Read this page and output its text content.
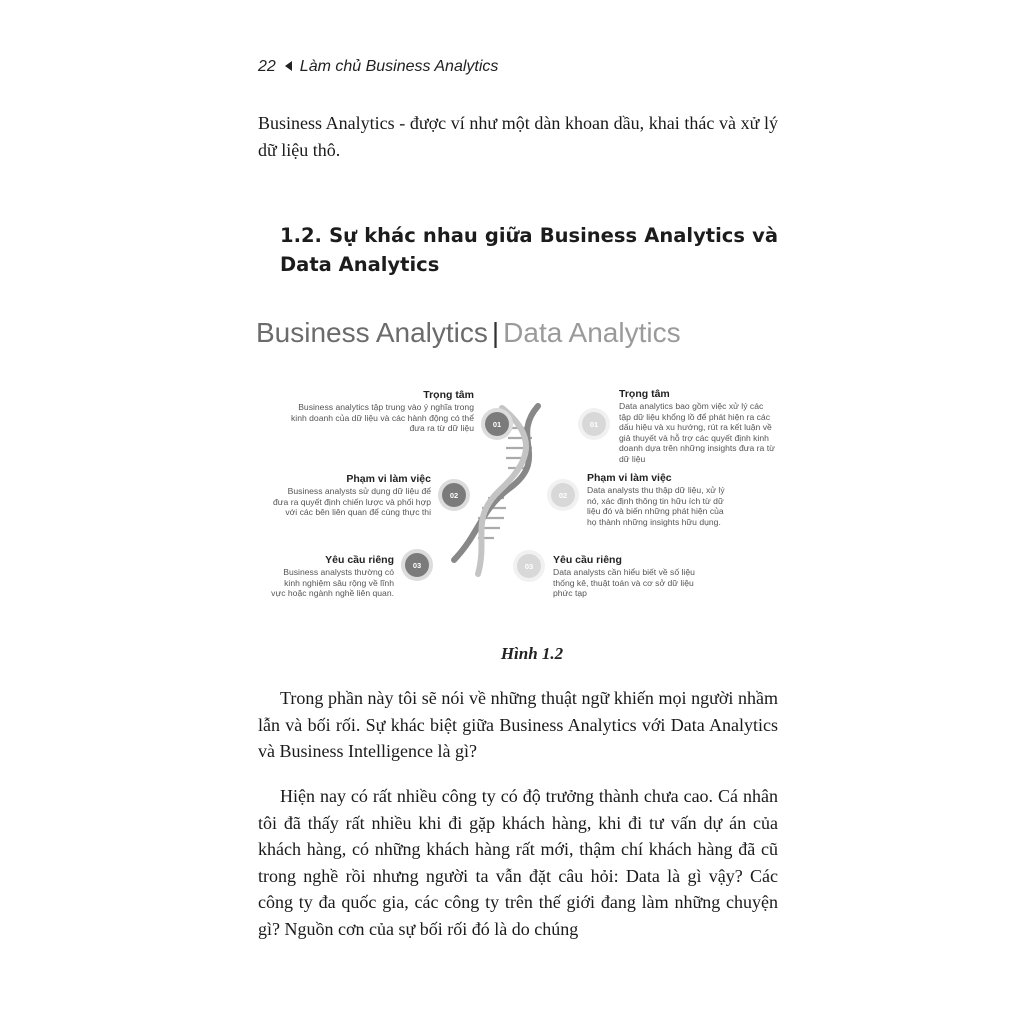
22 Làm chủ Business Analytics

Business Analytics - được ví như một dàn khoan dầu, khai thác và xử lý dữ liệu thô.

1.2. Sự khác nhau giữa Business Analytics và Data Analytics
Business Analytics | Data Analytics
01
Trọng tâm
Business analytics tập trung vào ý nghĩa trong kinh doanh của dữ liệu và các hành động có thể đưa ra từ dữ liệu
02
Phạm vi làm việc
Business analysts sử dụng dữ liệu để đưa ra quyết định chiến lược và phối hợp với các bên liên quan để cùng thực thi
03
Yêu cầu riêng
Business analysts thường có kinh nghiệm sâu rộng về lĩnh vực hoặc ngành nghề liên quan.
01
Trọng tâm
Data analytics bao gồm việc xử lý các tập dữ liệu khổng lồ để phát hiện ra các dấu hiệu và xu hướng, rút ra kết luận về giả thuyết và hỗ trợ các quyết định kinh doanh dựa trên những insights đưa ra từ dữ liệu
02
Phạm vi làm việc
Data analysts thu thập dữ liệu, xử lý nó, xác định thông tin hữu ích từ dữ liệu đó và biến những phát hiện của họ thành những insights hữu dụng.
03	Yêu cầu riêng
Data analysts cần hiểu biết về số liệu thống kê, thuật toán và cơ sở dữ liệu phức tạp
Hình 1.2

Trong phần này tôi sẽ nói về những thuật ngữ khiến mọi người nhầm lẫn và bối rối. Sự khác biệt giữa Business Analytics với Data Analytics và Business Intelligence là gì?

Hiện nay có rất nhiều công ty có độ trưởng thành chưa cao. Cá nhân tôi đã thấy rất nhiều khi đi gặp khách hàng, khi đi tư vấn dự án của khách hàng, có những khách hàng rất mới, thậm chí khách hàng đã cũ trong nghề rồi nhưng người ta vẫn đặt câu hỏi: Data là gì vậy? Các công ty đa quốc gia, các công ty trên thế giới đang làm những chuyện gì? Nguồn cơn của sự bối rối đó là do chúng
